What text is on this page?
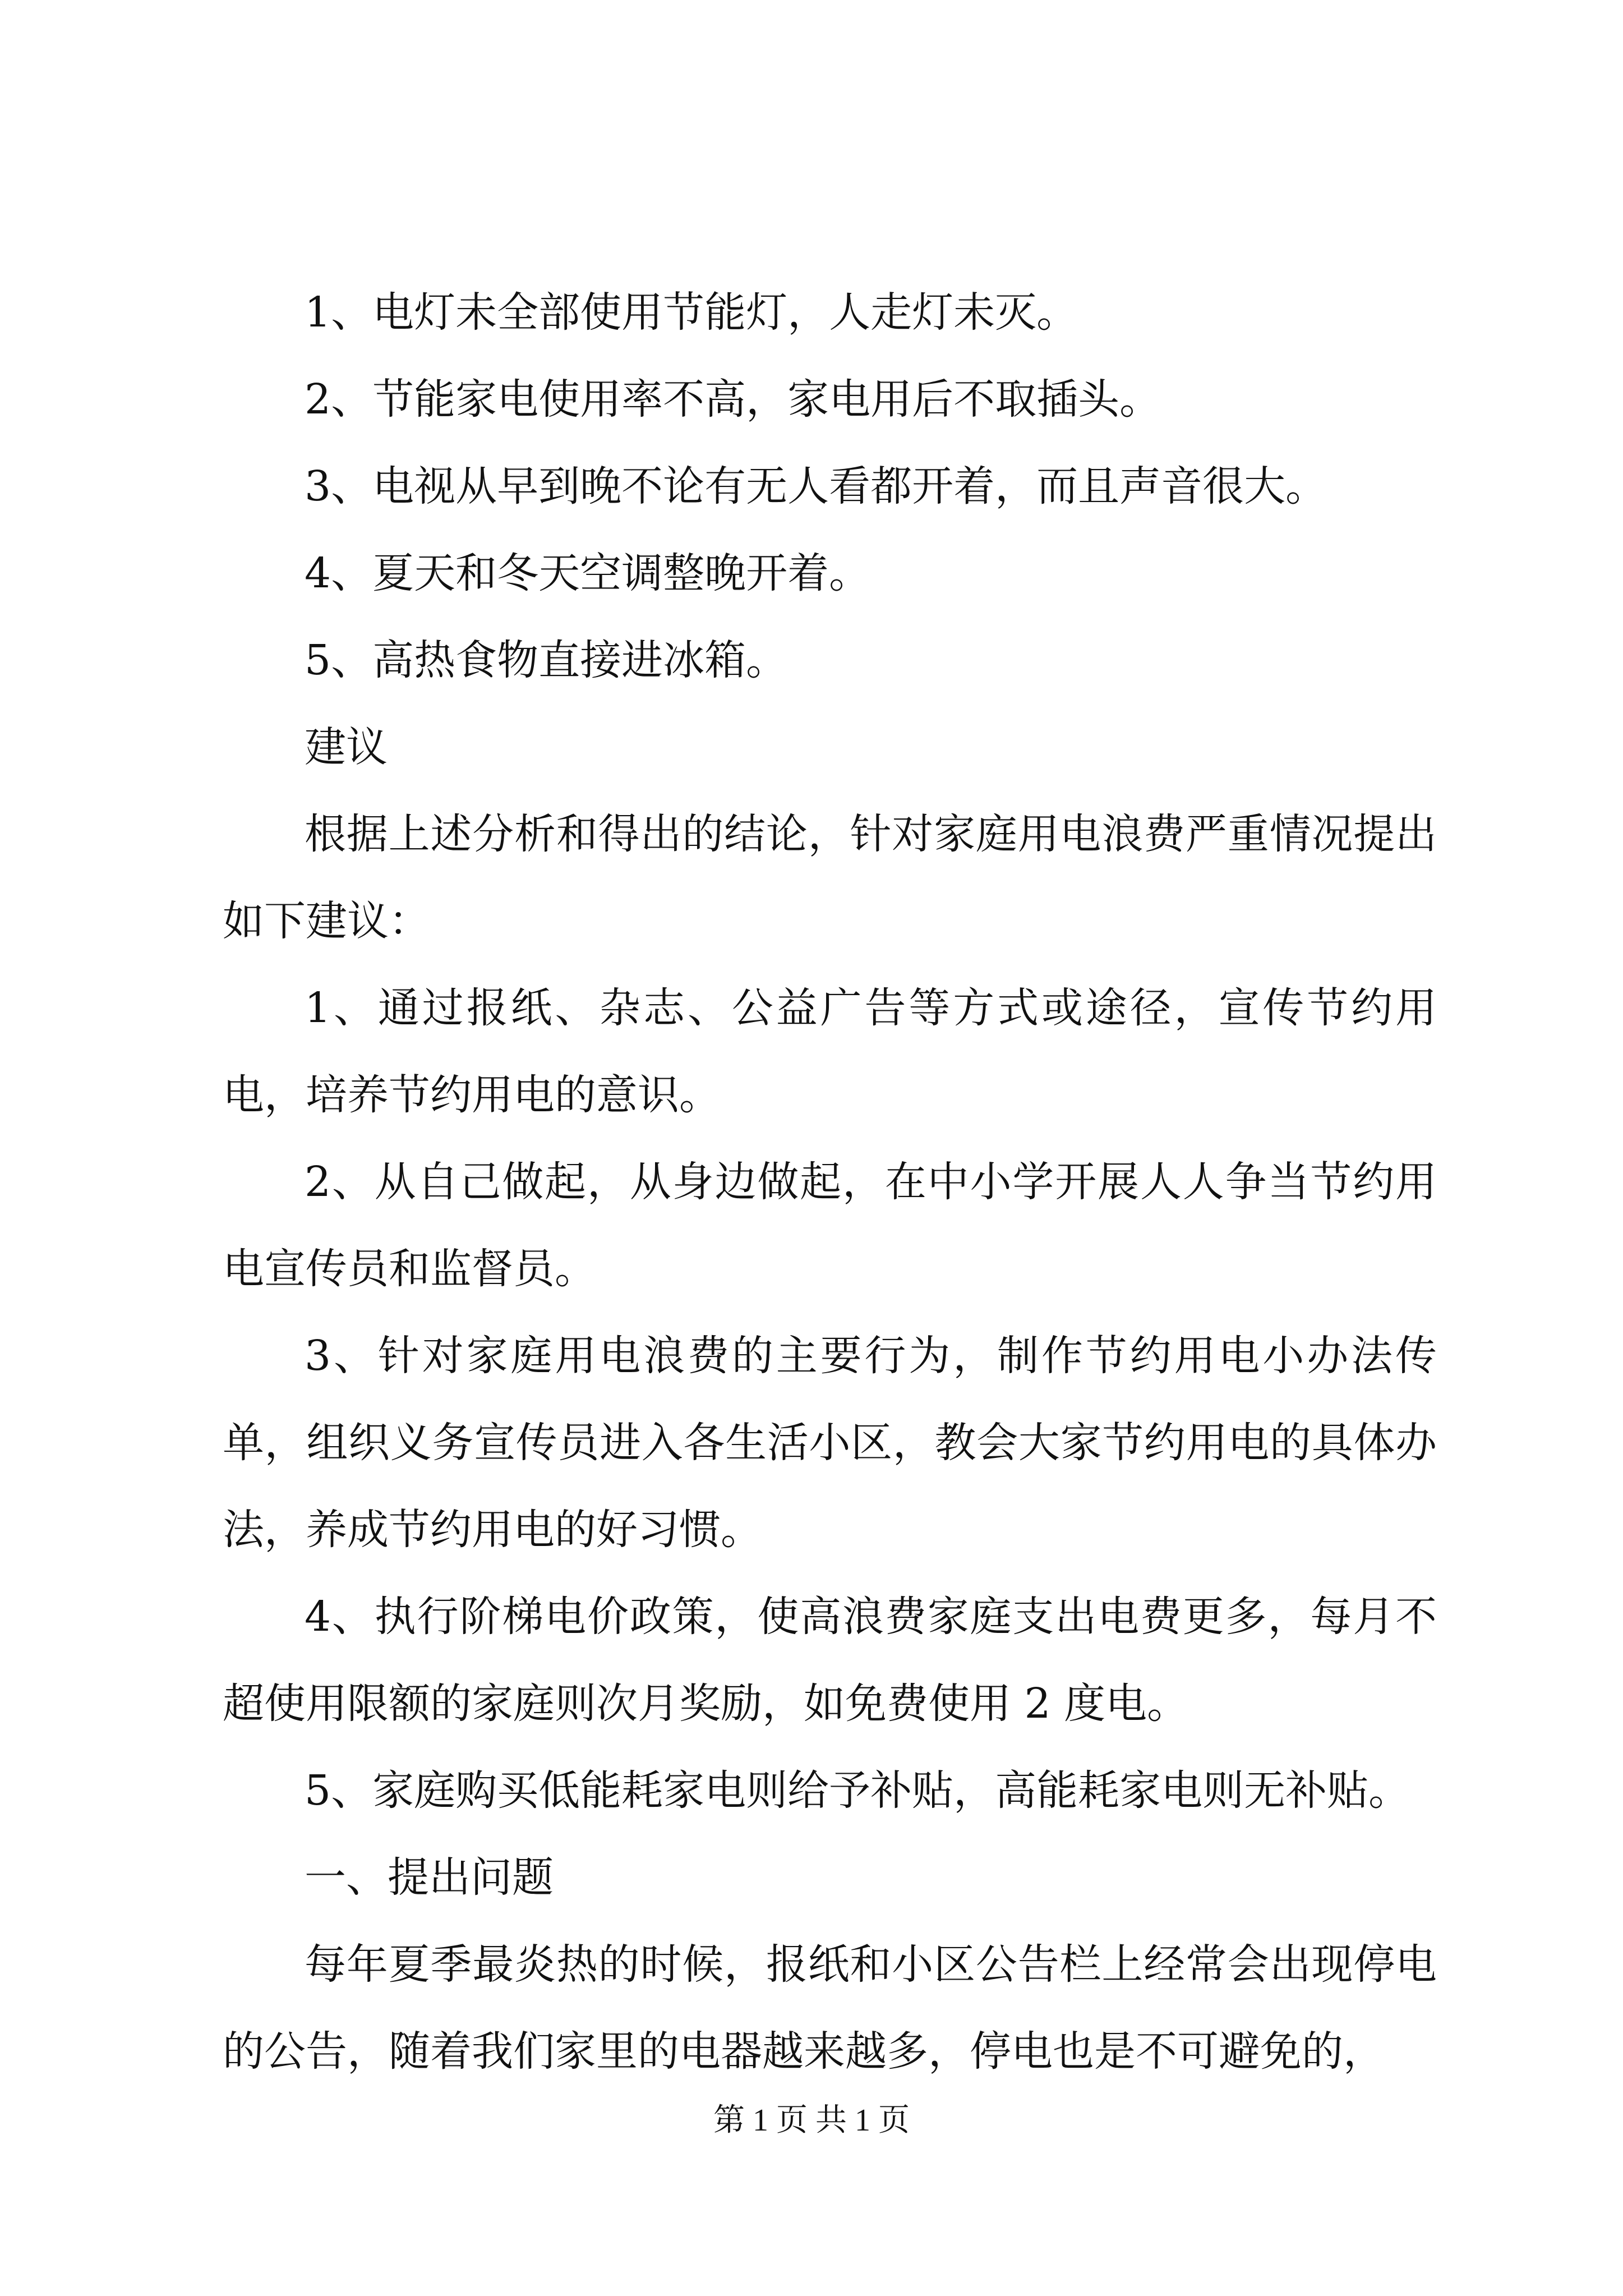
1、电灯未全部使用节能灯，人走灯未灭。

2、节能家电使用率不高，家电用后不取插头。

3、电视从早到晚不论有无人看都开着，而且声音很大。

4、夏天和冬天空调整晚开着。

5、高热食物直接进冰箱。

建议

根据上述分析和得出的结论，针对家庭用电浪费严重情况提出如下建议：

1、通过报纸、杂志、公益广告等方式或途径，宣传节约用电，培养节约用电的意识。

2、从自己做起，从身边做起，在中小学开展人人争当节约用电宣传员和监督员。

3、针对家庭用电浪费的主要行为，制作节约用电小办法传单，组织义务宣传员进入各生活小区，教会大家节约用电的具体办法，养成节约用电的好习惯。

4、执行阶梯电价政策，使高浪费家庭支出电费更多，每月不超使用限额的家庭则次月奖励，如免费使用 2 度电。

5、家庭购买低能耗家电则给予补贴，高能耗家电则无补贴。

一、提出问题

每年夏季最炎热的时候，报纸和小区公告栏上经常会出现停电的公告，随着我们家里的电器越来越多，停电也是不可避免的，

第 1 页 共 1 页
